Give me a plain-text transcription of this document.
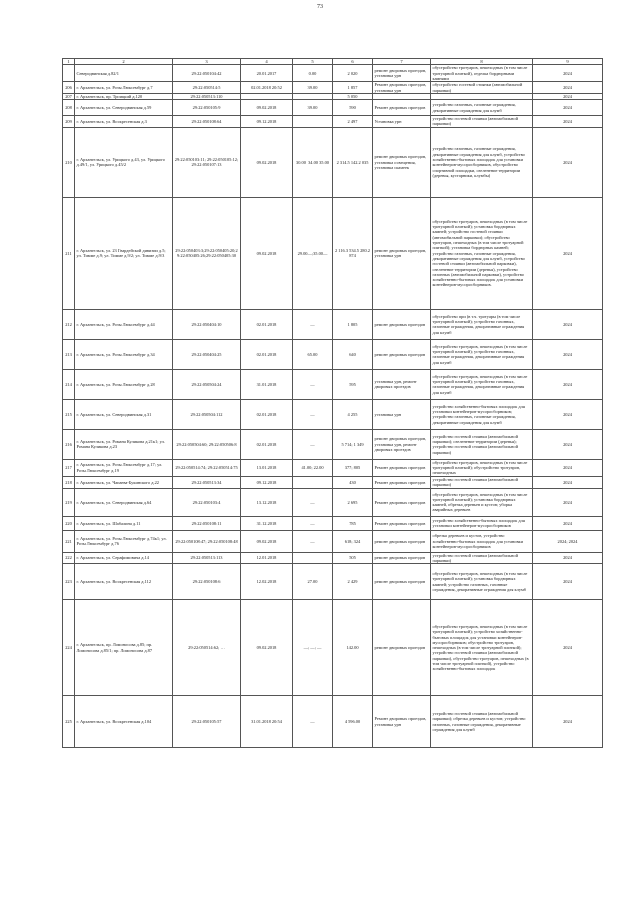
73
1	2	3	4	5	6	7	8	9
	Северодвинская д.82/1	29:22:050104:42	20.01.2017	0.00	2 020	ремонт дворовых проездов, установка урн	обустройство тротуаров, пешеходных (в том числе тротуарной плиткой), отделка бордюрными камнями	2024
206	г. Архангельск, ул. Розы Люксембург д.7	29:22:050514:5	02.01.2018 20:52	39.00	1 857	Ремонт дворовых проездов, установка урн	обустройство гостевой стоянки (автомобильной парковки)	2024
207	г. Архангельск, пр. Троицкий д.120	29:22:050513:110			5 050			2024
208	г. Архангельск, ул. Северодвинская д.59	29:22:050105:9	09.02.2018	39.00	590	Ремонт дворовых проездов	устройство газонных, газонные ограждения, декоративные ограждения для клумб	2024
209	г. Архангельск, ул. Воскресенская д.3	29:22:050108:64	09.12.2018		2 497	Установка урн	устройство гостевой стоянки (автомобильной парковки)	2024
210	г. Архангельск, ул. Урицкого д.43, ул. Урицкого д.49/1, ул. Урицкого д.45/2	29:22:050103:11; 29:22:050105:12; 29:22:050107:13	09.02.2018	30.00  34.00 35.00	2 314.5 142.2 035	ремонт дворовых проездов, установка освещения, установка скамеек	устройство газонных, газонные ограждения, декоративные ограждения для клумб, устройство хозяйственно-бытовых площадок для установки контейнеров-мусоросборников, обустройство спортивной площадки, озеленение территории (деревья, кустарники, клумбы)	2024
211	г. Архангельск, ул. 23 Гвардейской дивизии д.5; ул. Тимме д.9; ул. Тимме д.9/2; ул. Тимме д.9/3	29:22:050403:3;29:22:050405:20;29:22:050405:26;29:22:050405:30	09.02.2018	29.00—;35.00—	2 116.3 534.5 280.2 874	ремонт дворовых проездов, установка урн	обустройство тротуаров, пешеходных (в том числе тротуарной плиткой); установка бордюрных камней; устройство гостевой стоянки (автомобильной парковки); обустройство тротуаров, пешеходных (в том числе тротуарной плиткой); установка бордюрных камней; устройство газонных, газонные ограждения, декоративные ограждения для клумб, устройство гостевой стоянки (автомобильной парковки), озеленение территории (деревья), устройство газонных (автомобильной парковки), устройство хозяйственно-бытовых площадок для установки контейнеров-мусоросборников.	2024
212	г. Архангельск, ул. Розы Люксембург д.44	29:22:050404:10	02.01.2018	—	1 805	ремонт дворовых проездов	обустройство при (в т.ч. тротуары (в том числе тротуарной плиткой); устройство газонных, газонные ограждения, декоративные ограждения для клумб	2024
213	г. Архангельск, ул. Розы Люксембург д.34	29:22:050404:25	02.01.2018	65.00	640	ремонт дворовых проездов	обустройство тротуаров, пешеходных (в том числе тротуарной плиткой); устройство газонных, газонные ограждения, декоративные ограждения для клумб	2024
214	г. Архангельск, ул. Розы Люксембург д.28	29:22:050504:24	31.01.2018	—	595	установка урн, ремонт дворовых проездов	обустройство тротуаров, пешеходных (в том числе тротуарной плиткой); устройство газонных, газонные ограждения, декоративные ограждения для клумб	2024
215	г. Архангельск, ул. Северодвинская д.31	29:22:050504:112	02.01.2018	—	4 255	установка урн	устройство хозяйственно-бытовых площадок для установки контейнеров-мусоросборников; устройство газонных, газонные ограждения, декоративные ограждения для клумб	2024
216	г. Архангельск, ул. Романа Куликова д.21к1; ул. Романа Куликова д.23	29:22:050504:60; 29:22:050506:8	02.01.2018	—	5 714; 1 349	ремонт дворовых проездов, установка урн, ремонт дворовых проездов	устройство гостевой стоянки (автомобильной парковки); озеленение территории (деревья); устройство гостевой стоянки (автомобильной парковки)	2024
217	г. Архангельск, ул. Розы Люксембург д.17; ул. Розы Люксембург д.19	29:22:050514:74; 29:22:050514:75	13.01.2018	41.00; 22.00	377; 805	Ремонт дворовых проездов	обустройство тротуаров, пешеходных (в том числе тротуарной плиткой); обустройство тротуаров, пешеходных	2024
218	г. Архангельск, ул. Чапаева-Букинского д.22	29:22:050513:34	09.12.2018		430	Ремонт дворовых проездов	устройство гостевой стоянки (автомобильной парковки)	2024
219	г. Архангельск, ул. Северодвинская д.64	29:22:050103:4	13.12.2018	—	2 695	Ремонт дворовых проездов	обустройство тротуаров, пешеходных (в том числе тротуарной плиткой); установка бордюрных камней, обрезка деревьев и кустов; уборка аварийных деревьев	2024
220	г. Архангельск, ул. Шабалина д.11	29:22:050108:11	31.12.2018	—	785	Ремонт дворовых проездов	устройство хозяйственно-бытовых площадок для установки контейнеров-мусоросборников	2024
221	г. Архангельск, ул. Розы Люксембург д.74к1; ул. Розы Люксембург д.76	29:22:050108:47; 29:22:050108:48	09.02.2018	—	618; 324	ремонт дворовых проездов	обрезка деревьев и кустов, устройство хозяйственно-бытовых площадок для установки контейнеров-мусоросборников	2024; 2024
222	г. Архангельск, ул. Серафимовича д.14	29:22:050513:113	12.01.2018		505	ремонт дворовых проездов	устройство гостевой стоянки (автомобильной парковки)	2024
223	г. Архангельск, ул. Воскресенская д.112	29:22:050108:6	12.02.2018	27.00	2 429	ремонт дворовых проездов	обустройство тротуаров, пешеходных (в том числе тротуарной плиткой); установка бордюрных камней; устройство газонных, газонные ограждения, декоративные ограждения для клумб	2024
224	г. Архангельск, пр. Ломоносова д.85; пр. Ломоносова д.85/1; пр. Ломоносова д.87	29:22:050514:62; …	09.02.2018	—; —; —	142.00	ремонт дворовых проездов	обустройство тротуаров, пешеходных (в том числе тротуарной плиткой); устройство хозяйственно-бытовых площадок для установки контейнеров-мусоросборников; обустройство тротуаров, пешеходных (в том числе тротуарной плиткой); устройство гостевой стоянки (автомобильной парковки), обустройство тротуаров, пешеходных (в том числе тротуарной плиткой), устройство хозяйственно-бытовых площадок	2024
225	г. Архангельск, ул. Воскресенская д.104	29:22:050105:57	31.01.2018 20:54	—	4 596.00	Ремонт дворовых проездов, установка урн	устройство гостевой стоянки (автомобильной парковки); обрезка деревьев и кустов; устройство газонных, газонные ограждения, декоративные ограждения для клумб	2024
